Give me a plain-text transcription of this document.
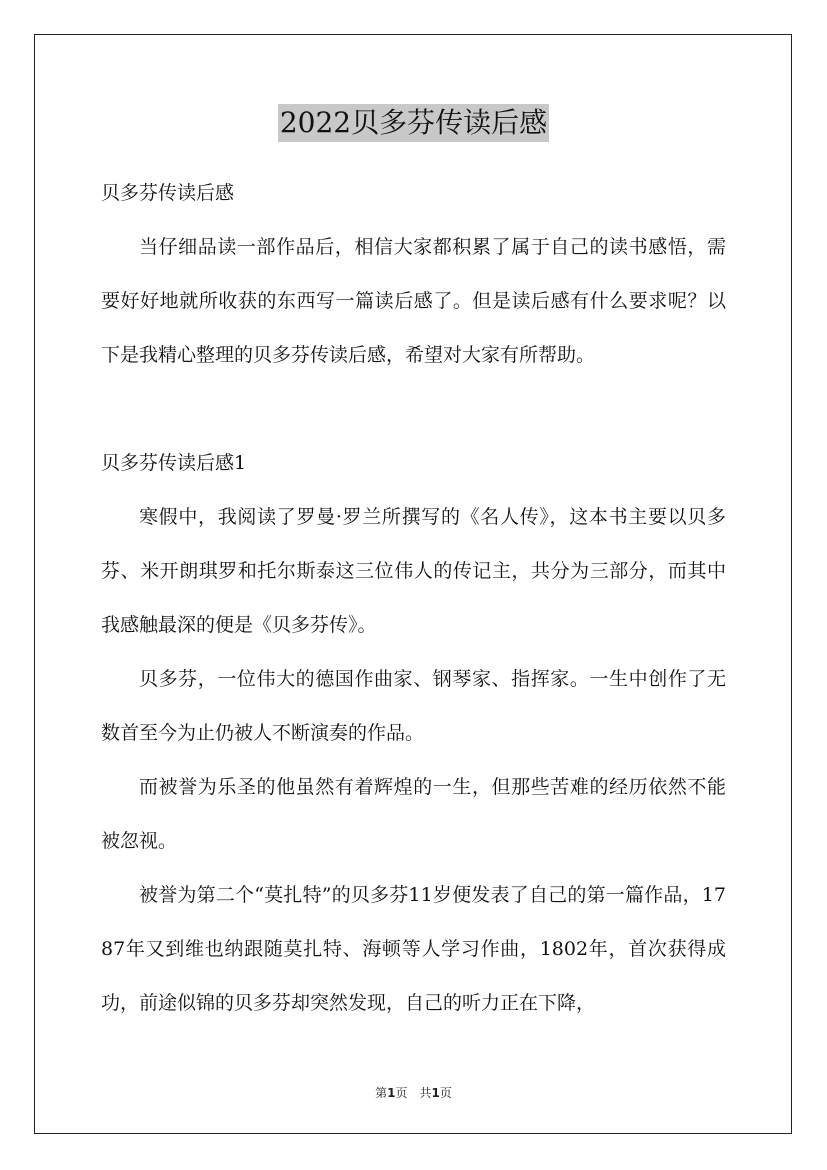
2022贝多芬传读后感

贝多芬传读后感

当仔细品读一部作品后，相信大家都积累了属于自己的读书感悟，需要好好地就所收获的东西写一篇读后感了。但是读后感有什么要求呢？以下是我精心整理的贝多芬传读后感，希望对大家有所帮助。

贝多芬传读后感1

寒假中，我阅读了罗曼·罗兰所撰写的《名人传》，这本书主要以贝多芬、米开朗琪罗和托尔斯泰这三位伟人的传记主，共分为三部分，而其中我感触最深的便是《贝多芬传》。

贝多芬，一位伟大的德国作曲家、钢琴家、指挥家。一生中创作了无数首至今为止仍被人不断演奏的作品。

而被誉为乐圣的他虽然有着辉煌的一生，但那些苦难的经历依然不能被忽视。

被誉为第二个“莫扎特”的贝多芬11岁便发表了自己的第一篇作品，1787年又到维也纳跟随莫扎特、海顿等人学习作曲，1802年，首次获得成功，前途似锦的贝多芬却突然发现，自己的听力正在下降，

第1页 共1页
